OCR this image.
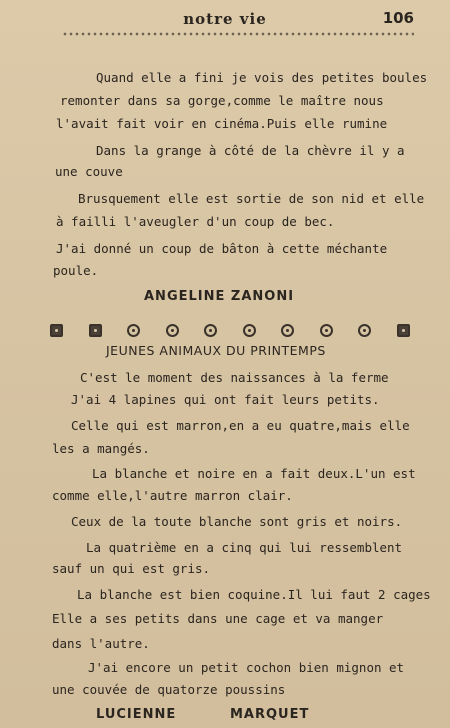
notre vie	106
Quand elle a fini je vois des petites boules
remonter dans sa gorge,comme le maître nous
l'avait fait voir en cinéma.Puis elle rumine
Dans la grange à côté de la chèvre il y a
une couve
Brusquement elle est sortie de son nid et elle
à failli l'aveugler d'un coup de bec.
J'ai donné un coup de bâton à cette méchante
poule.
ANGELINE ZANONI
JEUNES ANIMAUX DU PRINTEMPS
C'est le moment des naissances à la ferme
J'ai 4 lapines qui ont fait leurs petits.
Celle qui est marron,en a eu quatre,mais elle
les a mangés.
La blanche et noire en a fait deux.L'un est
comme elle,l'autre marron clair.
Ceux de la toute blanche sont gris et noirs.
La quatrième en a cinq qui lui ressemblent
sauf un qui est gris.
La blanche est bien coquine.Il lui faut 2 cages
Elle a ses petits dans une cage et va manger
dans l'autre.
J'ai encore un petit cochon bien mignon et
une couvée de quatorze poussins
LUCIENNE	MARQUET
